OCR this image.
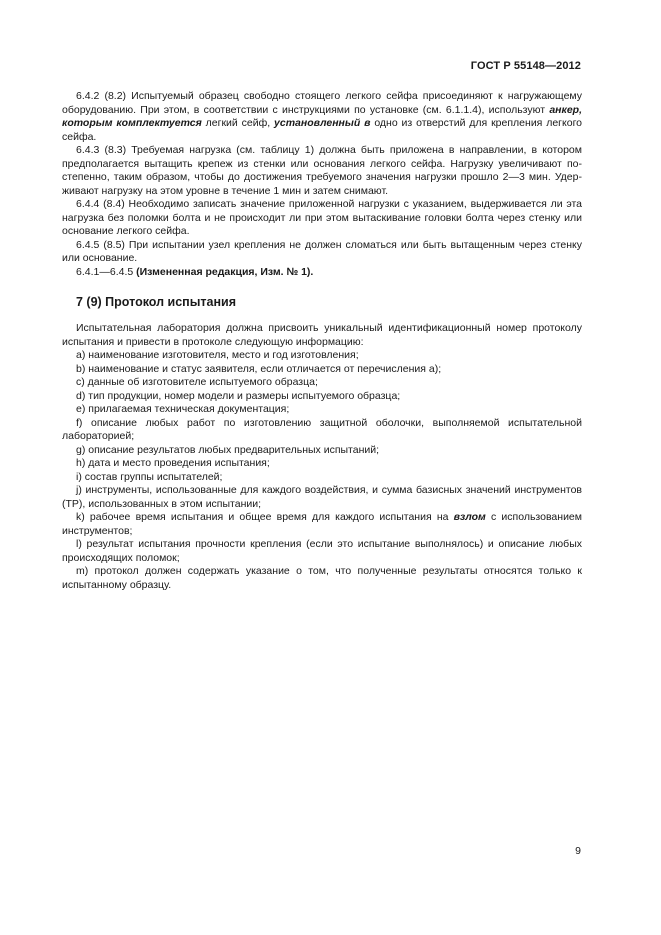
ГОСТ Р 55148—2012

6.4.2 (8.2) Испытуемый образец свободно стоящего легкого сейфа присоединяют к нагружающему оборудованию. При этом, в соответствии с инструкциями по установке (см. 6.1.1.4), используют анкер, которым комплектуется легкий сейф, установленный в одно из отверстий для крепления легкого сейфа.

6.4.3 (8.3) Требуемая нагрузка (см. таблицу 1) должна быть приложена в направлении, в котором предполагается вытащить крепеж из стенки или основания легкого сейфа. Нагрузку увеличивают постепенно, таким образом, чтобы до достижения требуемого значения нагрузки прошло 2—3 мин. Удерживают нагрузку на этом уровне в течение 1 мин и затем снимают.

6.4.4 (8.4) Необходимо записать значение приложенной нагрузки с указанием, выдерживается ли эта нагрузка без поломки болта и не происходит ли при этом вытаскивание головки болта через стенку или основание легкого сейфа.

6.4.5 (8.5) При испытании узел крепления не должен сломаться или быть вытащенным через стенку или основание.

6.4.1—6.4.5 (Измененная редакция, Изм. № 1).

7 (9) Протокол испытания

Испытательная лаборатория должна присвоить уникальный идентификационный номер протоколу испытания и привести в протоколе следующую информацию:

a) наименование изготовителя, место и год изготовления;

b) наименование и статус заявителя, если отличается от перечисления а);

c) данные об изготовителе испытуемого образца;

d) тип продукции, номер модели и размеры испытуемого образца;

e) прилагаемая техническая документация;

f) описание любых работ по изготовлению защитной оболочки, выполняемой испытательной лабораторией;

g) описание результатов любых предварительных испытаний;

h) дата и место проведения испытания;

i) состав группы испытателей;

j) инструменты, использованные для каждого воздействия, и сумма базисных значений инструментов (ТР), использованных в этом испытании;

k) рабочее время испытания и общее время для каждого испытания на взлом с использованием инструментов;

l) результат испытания прочности крепления (если это испытание выполнялось) и описание любых происходящих поломок;

m) протокол должен содержать указание о том, что полученные результаты относятся только к испытанному образцу.

9
